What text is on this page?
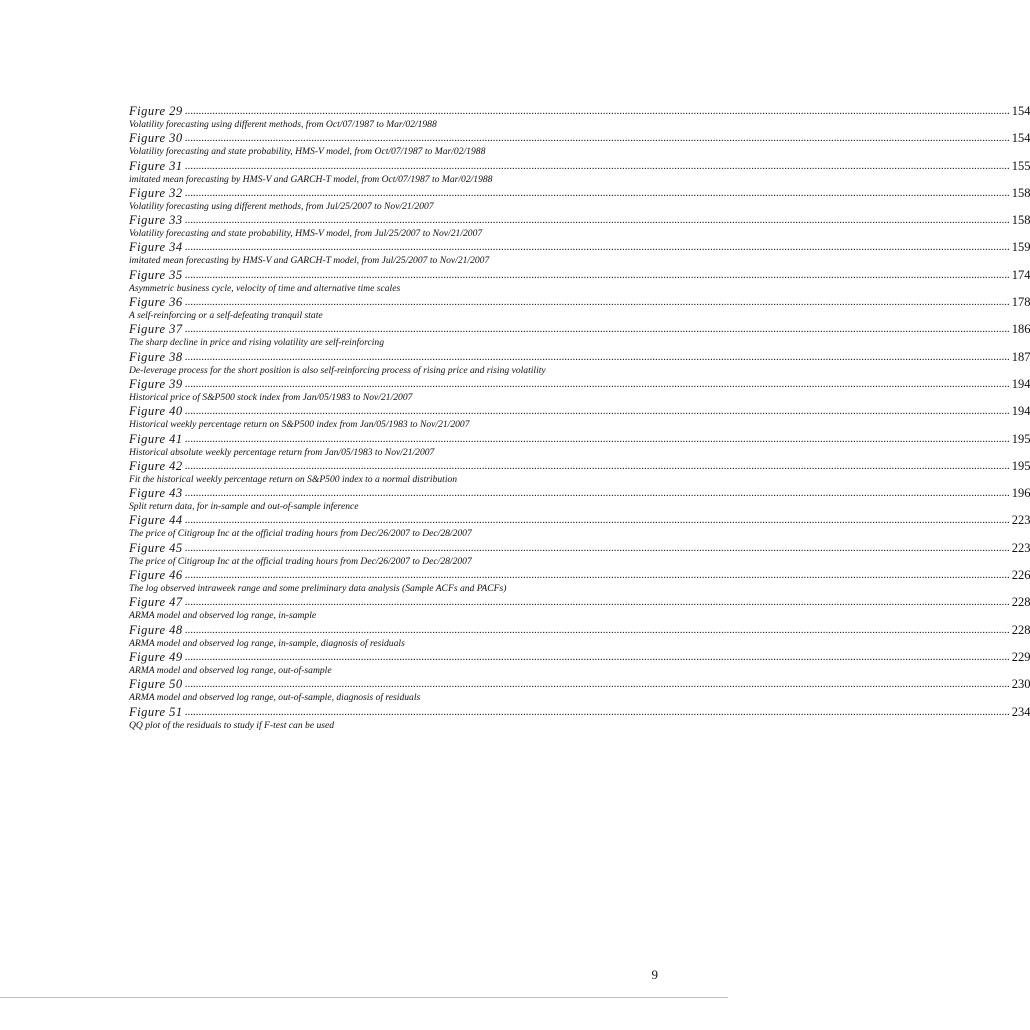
Figure 29 ............................................................................................................................................................................................................................................................................................................ 154
Volatility forecasting using different methods, from Oct/07/1987 to Mar/02/1988
Figure 30 ............................................................................................................................................................................................................................................................................................................ 154
Volatility forecasting and state probability, HMS-V model, from Oct/07/1987 to Mar/02/1988
Figure 31 ............................................................................................................................................................................................................................................................................................................ 155
imitated mean forecasting by HMS-V and GARCH-T model, from Oct/07/1987 to Mar/02/1988
Figure 32 ............................................................................................................................................................................................................................................................................................................ 158
Volatility forecasting using different methods, from Jul/25/2007 to Nov/21/2007
Figure 33 ............................................................................................................................................................................................................................................................................................................ 158
Volatility forecasting and state probability, HMS-V model, from Jul/25/2007 to Nov/21/2007
Figure 34 ............................................................................................................................................................................................................................................................................................................ 159
imitated mean forecasting by HMS-V and GARCH-T model, from Jul/25/2007 to Nov/21/2007
Figure 35 ............................................................................................................................................................................................................................................................................................................ 174
Asymmetric business cycle, velocity of time and alternative time scales
Figure 36 ............................................................................................................................................................................................................................................................................................................ 178
A self-reinforcing or a self-defeating tranquil state
Figure 37 ............................................................................................................................................................................................................................................................................................................ 186
The sharp decline in price and rising volatility are self-reinforcing
Figure 38 ............................................................................................................................................................................................................................................................................................................ 187
De-leverage process for the short position is also self-reinforcing process of rising price and rising volatility
Figure 39 ............................................................................................................................................................................................................................................................................................................ 194
Historical price of S&P500 stock index from Jan/05/1983 to Nov/21/2007
Figure 40 ............................................................................................................................................................................................................................................................................................................ 194
Historical weekly percentage return on S&P500 index from Jan/05/1983 to Nov/21/2007
Figure 41 ............................................................................................................................................................................................................................................................................................................ 195
Historical absolute weekly percentage return from Jan/05/1983 to Nov/21/2007
Figure 42 ............................................................................................................................................................................................................................................................................................................ 195
Fit the historical weekly percentage return on S&P500 index to a normal distribution
Figure 43 ............................................................................................................................................................................................................................................................................................................ 196
Split return data, for in-sample and out-of-sample inference
Figure 44 ............................................................................................................................................................................................................................................................................................................ 223
The price of Citigroup Inc at the official trading hours from Dec/26/2007 to Dec/28/2007
Figure 45 ............................................................................................................................................................................................................................................................................................................ 223
The price of Citigroup Inc at the official trading hours from Dec/26/2007 to Dec/28/2007
Figure 46 ............................................................................................................................................................................................................................................................................................................ 226
The log observed intraweek range and some preliminary data analysis (Sample ACFs and PACFs)
Figure 47 ............................................................................................................................................................................................................................................................................................................ 228
ARMA model and observed log range, in-sample
Figure 48 ............................................................................................................................................................................................................................................................................................................ 228
ARMA model and observed log range, in-sample, diagnosis of residuals
Figure 49 ............................................................................................................................................................................................................................................................................................................ 229
ARMA model and observed log range, out-of-sample
Figure 50 ............................................................................................................................................................................................................................................................................................................ 230
ARMA model and observed log range, out-of-sample, diagnosis of residuals
Figure 51 ............................................................................................................................................................................................................................................................................................................ 234
QQ plot of the residuals to study if F-test can be used
9
